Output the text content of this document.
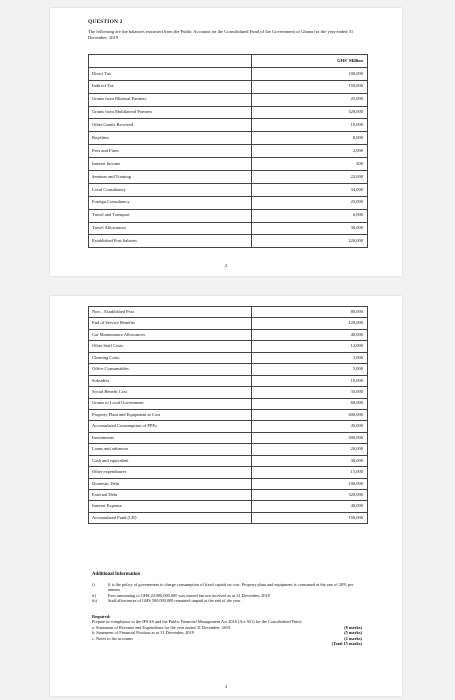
QUESTION 2
The following are the balances extracted from the Public Accounts on the Consolidated Fund of the Government of Ghana for the year ended 31 December, 2019
	GHS' Million
Direct Tax	100,000
Indirect Tax	150,000
Grants from Bilateral Partners	25,000
Grants from Multilateral Partners	320,000
Other Grants Received	10,000
Royalties	8,000
Fees and Fines	2,000
Interest Income	400
Seminar and Training	22,000
Local Consultancy	34,000
Foreign Consultancy	25,000
Travel and Transport	6,000
Travel Allowances	36,000
Established Post Salaries	220,000
2
Non – Established Post	80,000
End of Service Benefits	120,000
Car Maintenance Allowances	40,000
Other Staff Costs	12,000
Cleaning Costs	3,000
Office Consumables	5,000
Subsidies	10,000
Social Benefit Cost	35,000
Grants to Local Government	60,000
Property Plant and Equipment at Cost	400,000
Accumulated Consumption of PPEs	45,000
Investments	300,000
Loans and advances	20,000
Cash and equivalent	36,000
Other expenditures	15,000
Domestic Debt	100,000
External Debt	320,000
Interest Expense	40,000
Accumulated Fund (CR)	156,000
Additional Information
i)	It is the policy of government to charge consumption of fixed capital on cost. Property plant and equipment is consumed at the rate of 20% per annum
ii)	Fees amounting to GHS 20,000,000,000 was earned but not received as at 31 December, 2019
iii)	Staff allowances of GHS 500,000,000 remained unpaid at the end of the year
Required:
Prepare in compliance to the IPSAS and the Public Financial Management Act 2016 (Act 921) for the Consolidated Fund:
a. Statement of Revenue and Expenditure for the year ended 31 December, 2019	(8 marks)
b. Statement of Financial Position as at 31 December, 2019	(5 marks)
c. Notes to the accounts	(2 marks)
(Total 15 marks)
3
